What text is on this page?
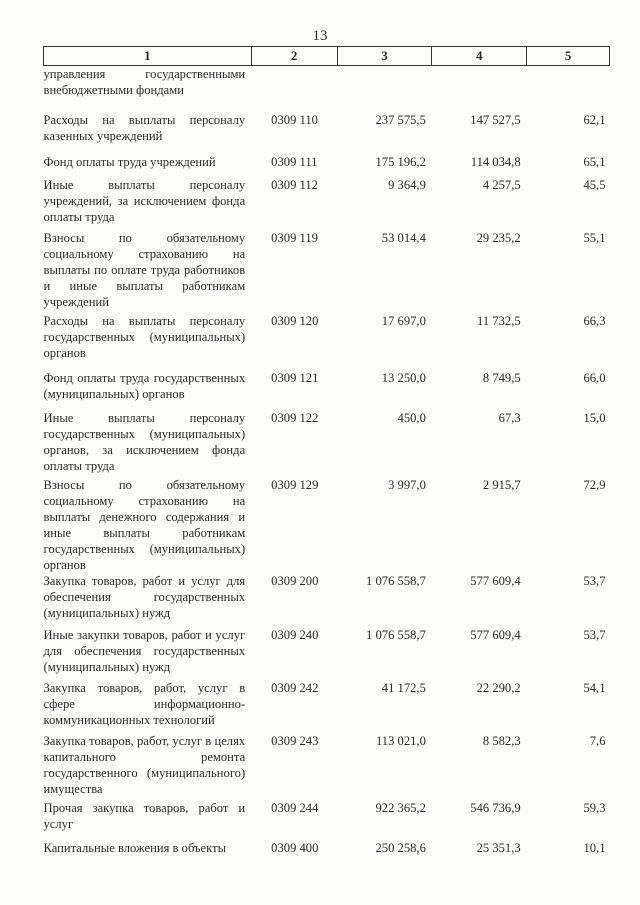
13
1	2	3	4	5
управления государственными внебюджетными фондами				
Расходы на выплаты персоналу казенных учреждений	0309 110	237 575,5	147 527,5	62,1
Фонд оплаты труда учреждений	0309 111	175 196,2	114 034,8	65,1
Иные выплаты персоналу учреждений, за исключением фонда оплаты труда	0309 112	9 364,9	4 257,5	45,5
Взносы по обязательному социальному страхованию на выплаты по оплате труда работников и иные выплаты работникам учреждений	0309 119	53 014,4	29 235,2	55,1
Расходы на выплаты персоналу государственных (муниципальных) органов	0309 120	17 697,0	11 732,5	66,3
Фонд оплаты труда государственных (муниципальных) органов	0309 121	13 250,0	8 749,5	66,0
Иные выплаты персоналу государственных (муниципальных) органов, за исключением фонда оплаты труда	0309 122	450,0	67,3	15,0
Взносы по обязательному социальному страхованию на выплаты денежного содержания и иные выплаты работникам государственных (муниципальных) органов	0309 129	3 997,0	2 915,7	72,9
Закупка товаров, работ и услуг для обеспечения государственных (муниципальных) нужд	0309 200	1 076 558,7	577 609,4	53,7
Иные закупки товаров, работ и услуг для обеспечения государственных (муниципальных) нужд	0309 240	1 076 558,7	577 609,4	53,7
Закупка товаров, работ, услуг в сфере информационно-коммуникационных технологий	0309 242	41 172,5	22 290,2	54,1
Закупка товаров, работ, услуг в целях капитального ремонта государственного (муниципального) имущества	0309 243	113 021,0	8 582,3	7,6
Прочая закупка товаров, работ и услуг	0309 244	922 365,2	546 736,9	59,3
Капитальные вложения в объекты	0309 400	250 258,6	25 351,3	10,1
